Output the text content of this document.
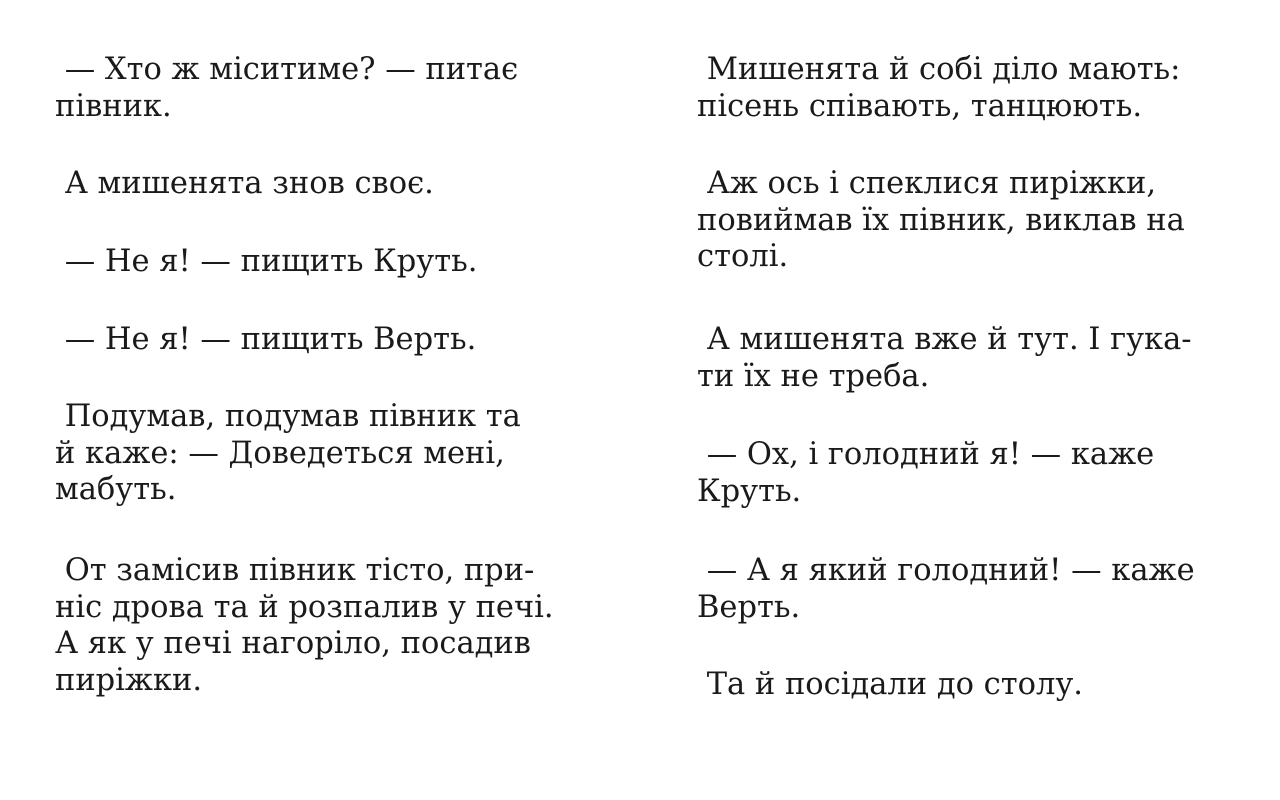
— Хто ж міситиме? — питає
півник.

А мишенята знов своє.

— Не я! — пищить Круть.

— Не я! — пищить Верть.

Подумав, подумав півник та
й каже: — Доведеться мені,
мабуть.

От замісив півник тісто, при-
ніс дрова та й розпалив у печі.
А як у печі нагоріло, посадив
пиріжки.

Мишенята й собі діло мають:
пісень співають, танцюють.

Аж ось і спеклися пиріжки,
повиймав їх півник, виклав на
столі.

А мишенята вже й тут. І гука-
ти їх не треба.

— Ох, і голодний я! — каже
Круть.

— А я який голодний! — каже
Верть.

Та й посідали до столу.
